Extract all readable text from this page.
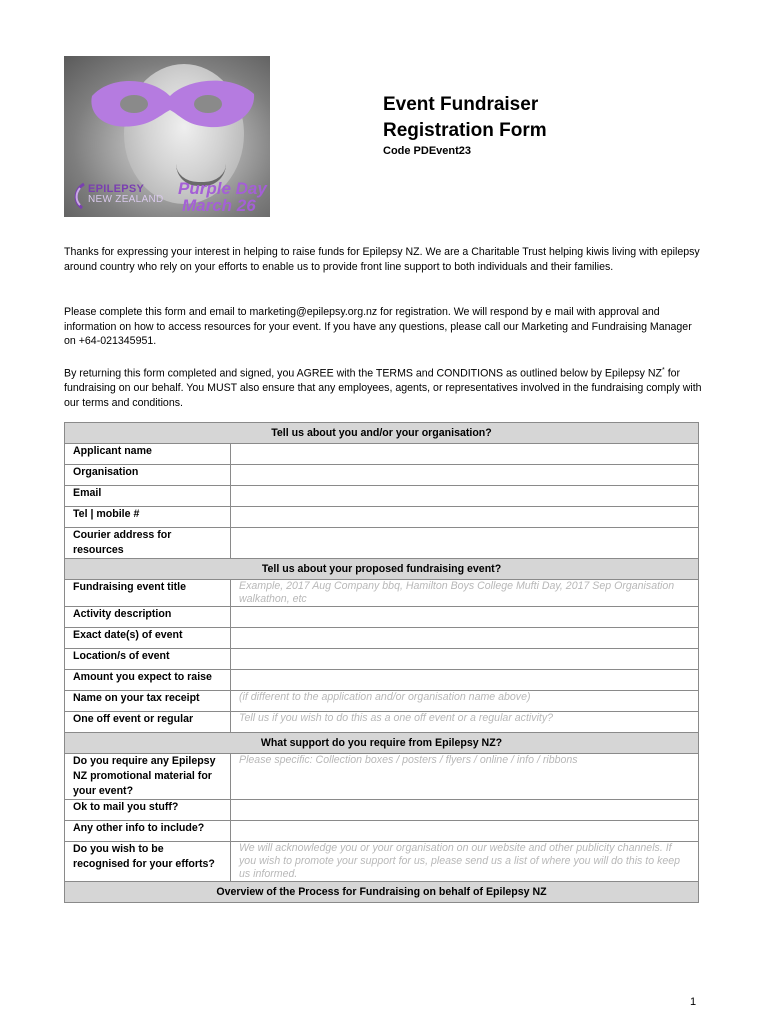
EPILEPSY
NEW ZEALAND
Purple Day
March 26
Event Fundraiser
Registration Form
Code PDEvent23
Thanks for expressing your interest in helping to raise funds for Epilepsy NZ. We are a Charitable Trust helping kiwis living with epilepsy around country who rely on your efforts to enable us to provide front line support to both individuals and their families.
Please complete this form and email to marketing@epilepsy.org.nz for registration. We will respond by e mail with approval and information on how to access resources for your event. If you have any questions, please call our Marketing and Fundraising Manager on +64-021345951.
By returning this form completed and signed, you AGREE with the TERMS and CONDITIONS as outlined below by Epilepsy NZ* for fundraising on our behalf. You MUST also ensure that any employees, agents, or representatives involved in the fundraising comply with our terms and conditions.
Tell us about you and/or your organisation?	
Applicant name	
Organisation	
Email	
Tel | mobile #	
Courier address for resources	
Tell us about your proposed fundraising event?	
Fundraising event title	Example, 2017 Aug Company bbq, Hamilton Boys College Mufti Day, 2017 Sep Organisation walkathon, etc
Activity description	
Exact date(s) of event	
Location/s of event	
Amount you expect to raise	
Name on your tax receipt	(if different to the application and/or organisation name above)
One off event or regular	Tell us if you wish to do this as a one off event or a regular activity?
What support do you require from Epilepsy NZ?	
Do you require any Epilepsy NZ promotional material for your event?	Please specific: Collection boxes / posters / flyers / online / info / ribbons
Ok to mail you stuff?	
Any other info to include?	
Do you wish to be recognised for your efforts?	We will acknowledge you or your organisation on our website and other publicity channels. If you wish to promote your support for us, please send us a list of where you will do this to keep us informed.
Overview of the Process for Fundraising on behalf of Epilepsy NZ	
1
